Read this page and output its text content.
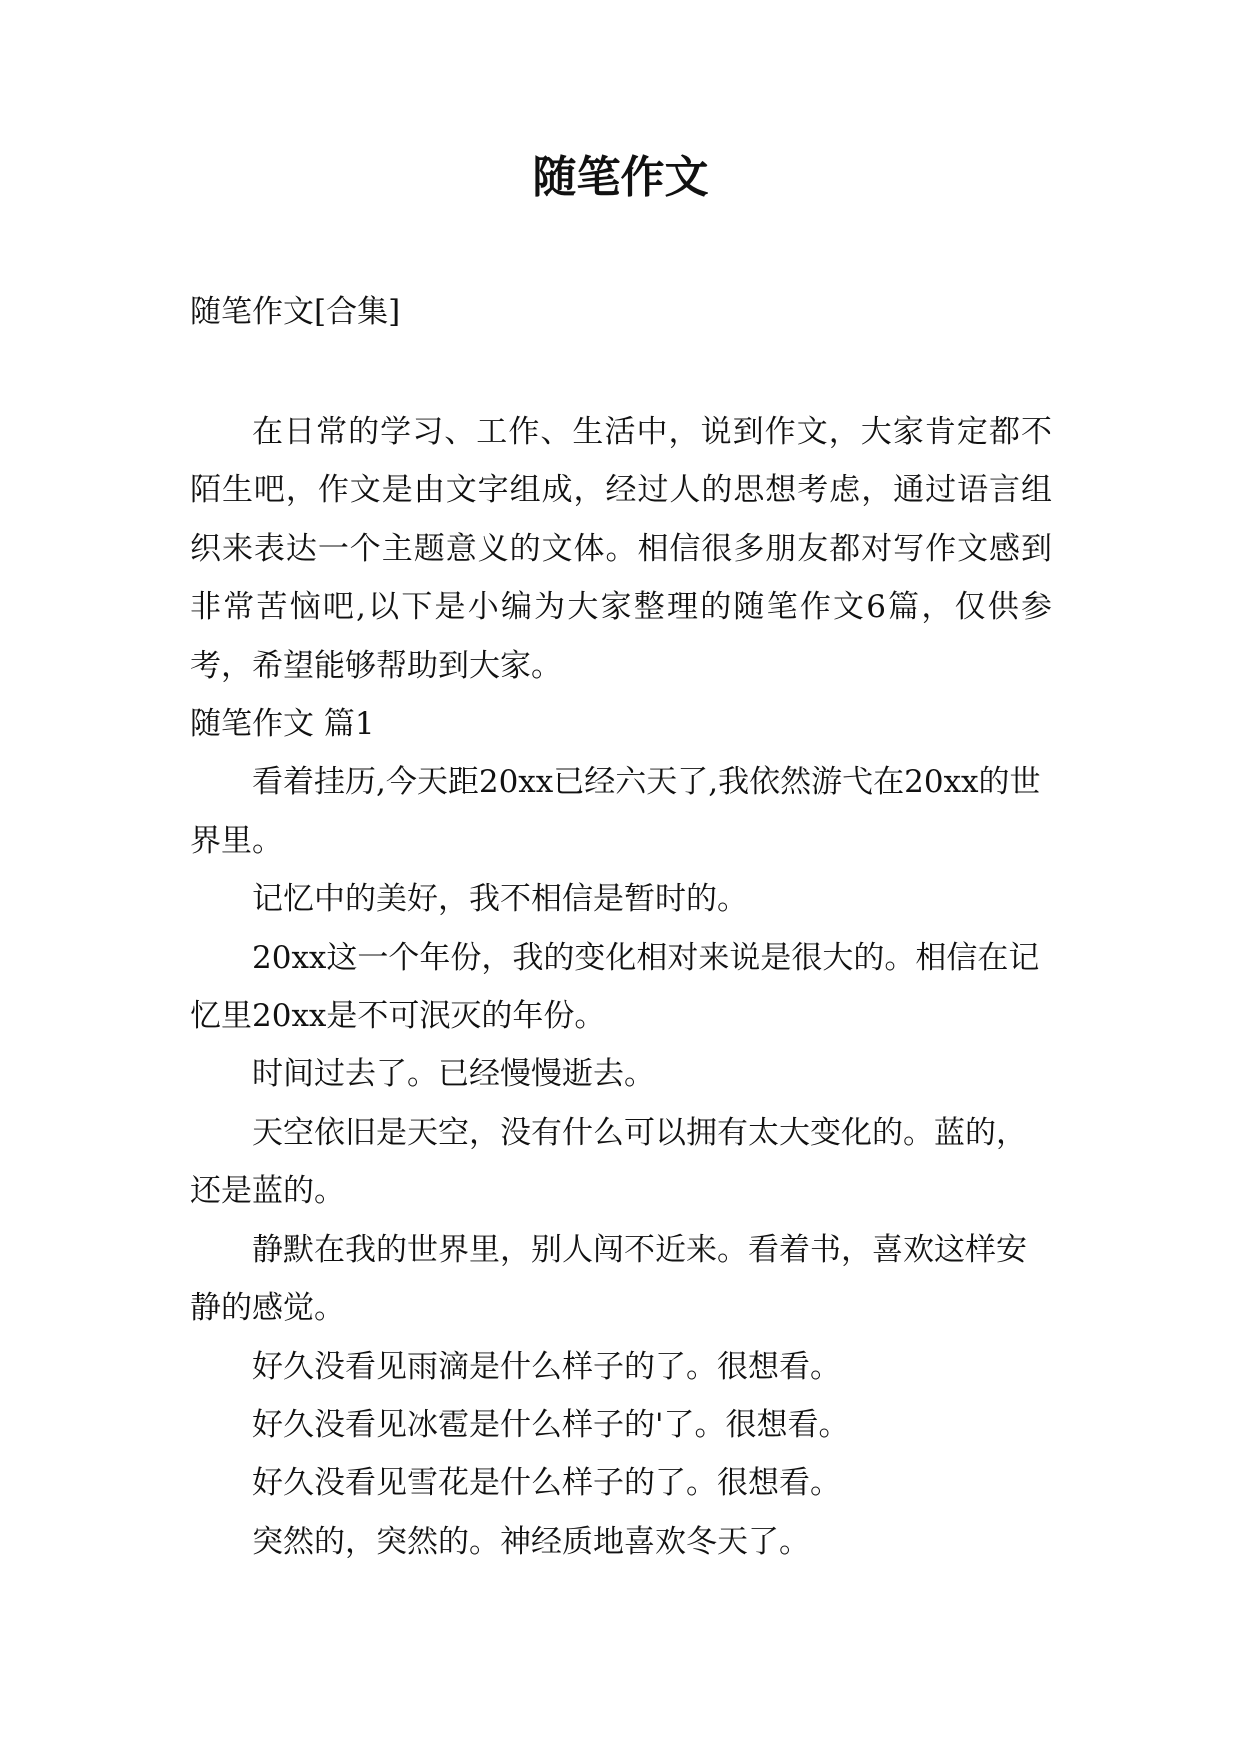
随笔作文
随笔作文[合集]

在日常的学习、工作、生活中，说到作文，大家肯定都不陌生吧，作文是由文字组成，经过人的思想考虑，通过语言组织来表达一个主题意义的文体。相信很多朋友都对写作文感到非常苦恼吧,以下是小编为大家整理的随笔作文6篇，仅供参考，希望能够帮助到大家。

随笔作文 篇1

看着挂历,今天距20xx已经六天了,我依然游弋在20xx的世界里。

记忆中的美好，我不相信是暂时的。

20xx这一个年份，我的变化相对来说是很大的。相信在记忆里20xx是不可泯灭的年份。

时间过去了。已经慢慢逝去。

天空依旧是天空，没有什么可以拥有太大变化的。蓝的，还是蓝的。

静默在我的世界里，别人闯不近来。看着书，喜欢这样安静的感觉。

好久没看见雨滴是什么样子的了。很想看。

好久没看见冰雹是什么样子的'了。很想看。

好久没看见雪花是什么样子的了。很想看。

突然的，突然的。神经质地喜欢冬天了。
